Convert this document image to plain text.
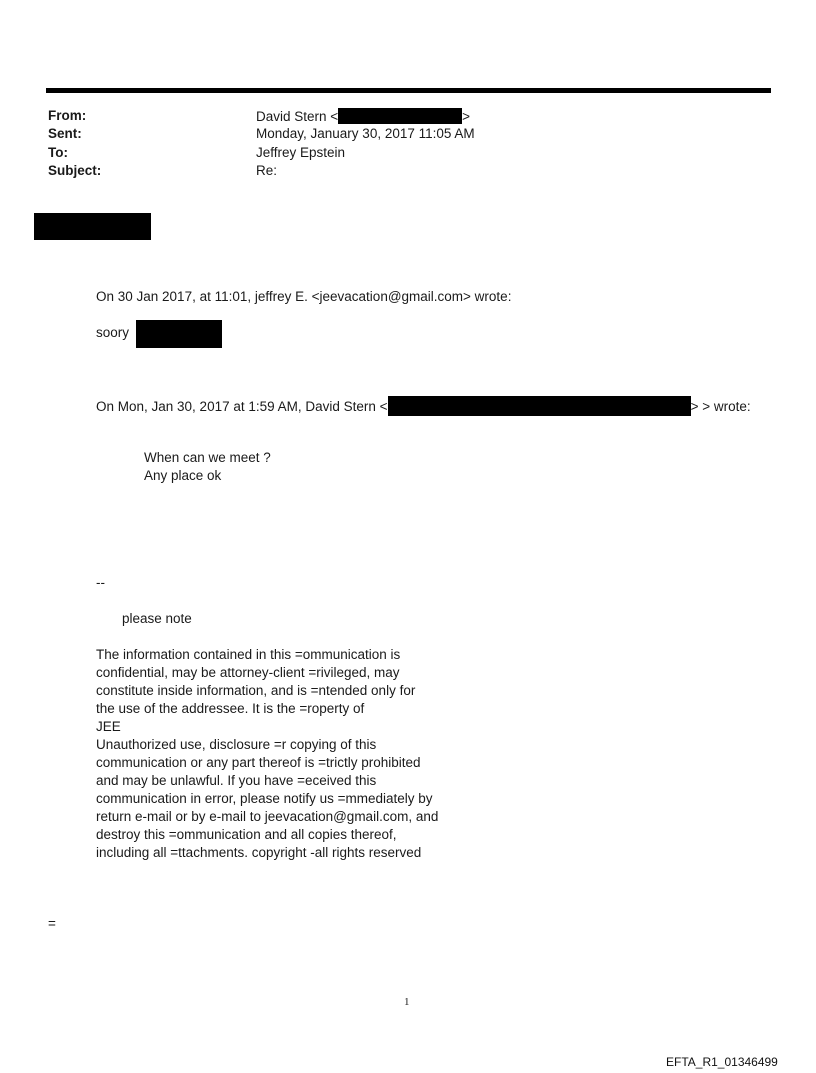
From:	David Stern <	>
Sent:	Monday, January 30, 2017 11:05 AM
To:	Jeffrey Epstein
Subject:	Re:
On 30 Jan 2017, at 11:01, jeffrey E. <jeevacation@gmail.com> wrote:
soory
On Mon, Jan 30, 2017 at 1:59 AM, David Stern <	> > wrote:
When can we meet ?
Any place ok
--
please note
The information contained in this =ommunication is
confidential, may be attorney-client =rivileged, may
constitute inside information, and is =ntended only for
the use of the addressee. It is the =roperty of
JEE
Unauthorized use, disclosure =r copying of this
communication or any part thereof is =trictly prohibited
and may be unlawful. If you have =eceived this
communication in error, please notify us =mmediately by
return e-mail or by e-mail to jeevacation@gmail.com, and
destroy this =ommunication and all copies thereof,
including all =ttachments. copyright -all rights reserved
=
1
EFTA_R1_01346499
